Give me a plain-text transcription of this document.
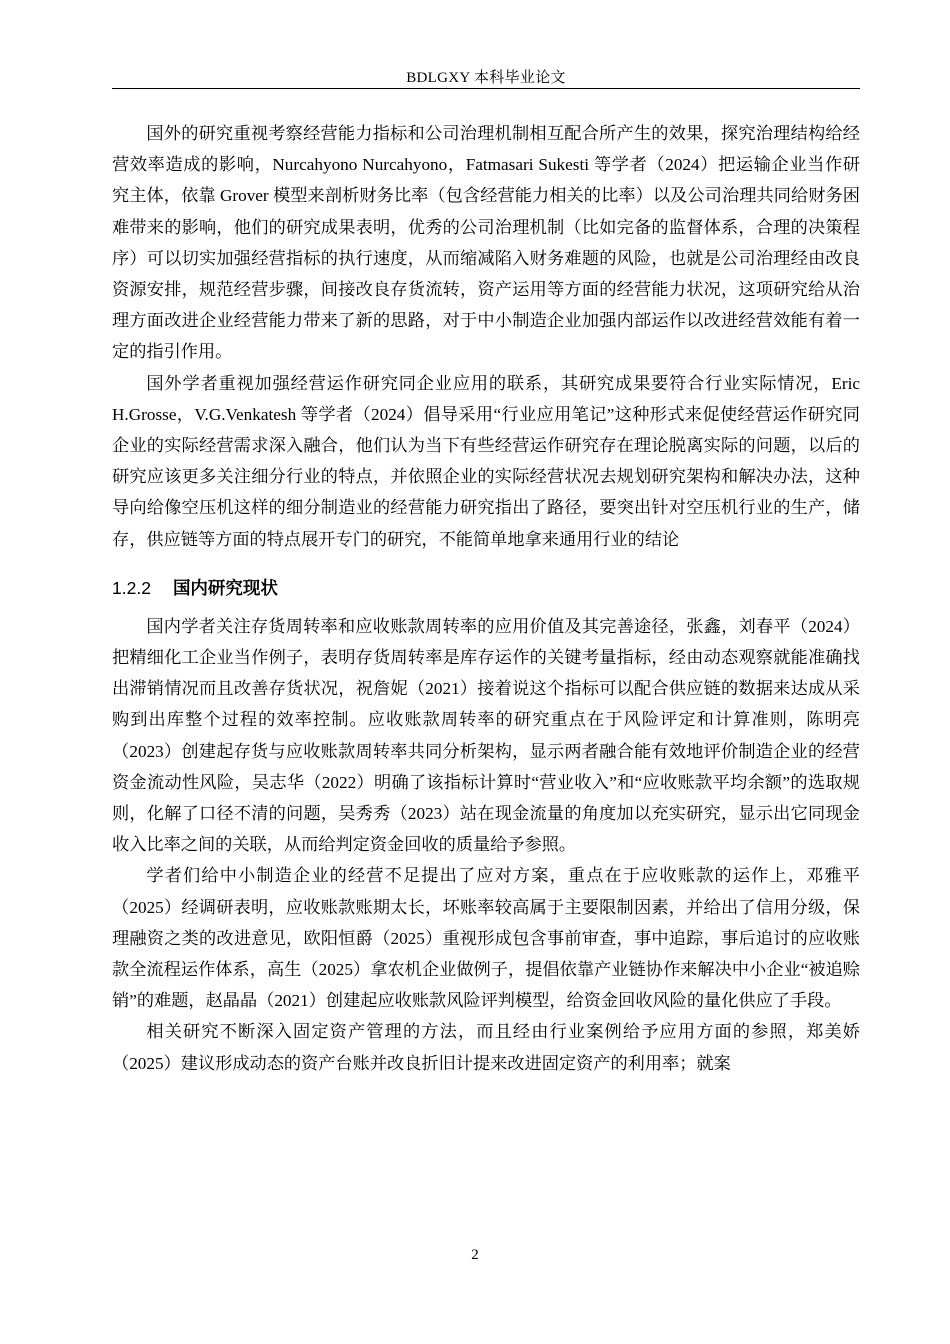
BDLGXY 本科毕业论文

国外的研究重视考察经营能力指标和公司治理机制相互配合所产生的效果，探究治理结构给经营效率造成的影响，Nurcahyono Nurcahyono，Fatmasari Sukesti 等学者（2024）把运输企业当作研究主体，依靠 Grover 模型来剖析财务比率（包含经营能力相关的比率）以及公司治理共同给财务困难带来的影响，他们的研究成果表明，优秀的公司治理机制（比如完备的监督体系，合理的决策程序）可以切实加强经营指标的执行速度，从而缩减陷入财务难题的风险，也就是公司治理经由改良资源安排，规范经营步骤，间接改良存货流转，资产运用等方面的经营能力状况，这项研究给从治理方面改进企业经营能力带来了新的思路，对于中小制造企业加强内部运作以改进经营效能有着一定的指引作用。

国外学者重视加强经营运作研究同企业应用的联系，其研究成果要符合行业实际情况，Eric H.Grosse，V.G.Venkatesh 等学者（2024）倡导采用“行业应用笔记”这种形式来促使经营运作研究同企业的实际经营需求深入融合，他们认为当下有些经营运作研究存在理论脱离实际的问题，以后的研究应该更多关注细分行业的特点，并依照企业的实际经营状况去规划研究架构和解决办法，这种导向给像空压机这样的细分制造业的经营能力研究指出了路径，要突出针对空压机行业的生产，储存，供应链等方面的特点展开专门的研究，不能简单地拿来通用行业的结论

1.2.2 国内研究现状

国内学者关注存货周转率和应收账款周转率的应用价值及其完善途径，张鑫，刘春平（2024）把精细化工企业当作例子，表明存货周转率是库存运作的关键考量指标，经由动态观察就能准确找出滞销情况而且改善存货状况，祝詹妮（2021）接着说这个指标可以配合供应链的数据来达成从采购到出库整个过程的效率控制。应收账款周转率的研究重点在于风险评定和计算准则，陈明亮（2023）创建起存货与应收账款周转率共同分析架构，显示两者融合能有效地评价制造企业的经营资金流动性风险，吴志华（2022）明确了该指标计算时“营业收入”和“应收账款平均余额”的选取规则，化解了口径不清的问题，吴秀秀（2023）站在现金流量的角度加以充实研究，显示出它同现金收入比率之间的关联，从而给判定资金回收的质量给予参照。

学者们给中小制造企业的经营不足提出了应对方案，重点在于应收账款的运作上，邓雅平（2025）经调研表明，应收账款账期太长，坏账率较高属于主要限制因素，并给出了信用分级，保理融资之类的改进意见，欧阳恒爵（2025）重视形成包含事前审查，事中追踪，事后追讨的应收账款全流程运作体系，高生（2025）拿农机企业做例子，提倡依靠产业链协作来解决中小企业“被追赊销”的难题，赵晶晶（2021）创建起应收账款风险评判模型，给资金回收风险的量化供应了手段。

相关研究不断深入固定资产管理的方法，而且经由行业案例给予应用方面的参照，郑美娇（2025）建议形成动态的资产台账并改良折旧计提来改进固定资产的利用率；就案

2
